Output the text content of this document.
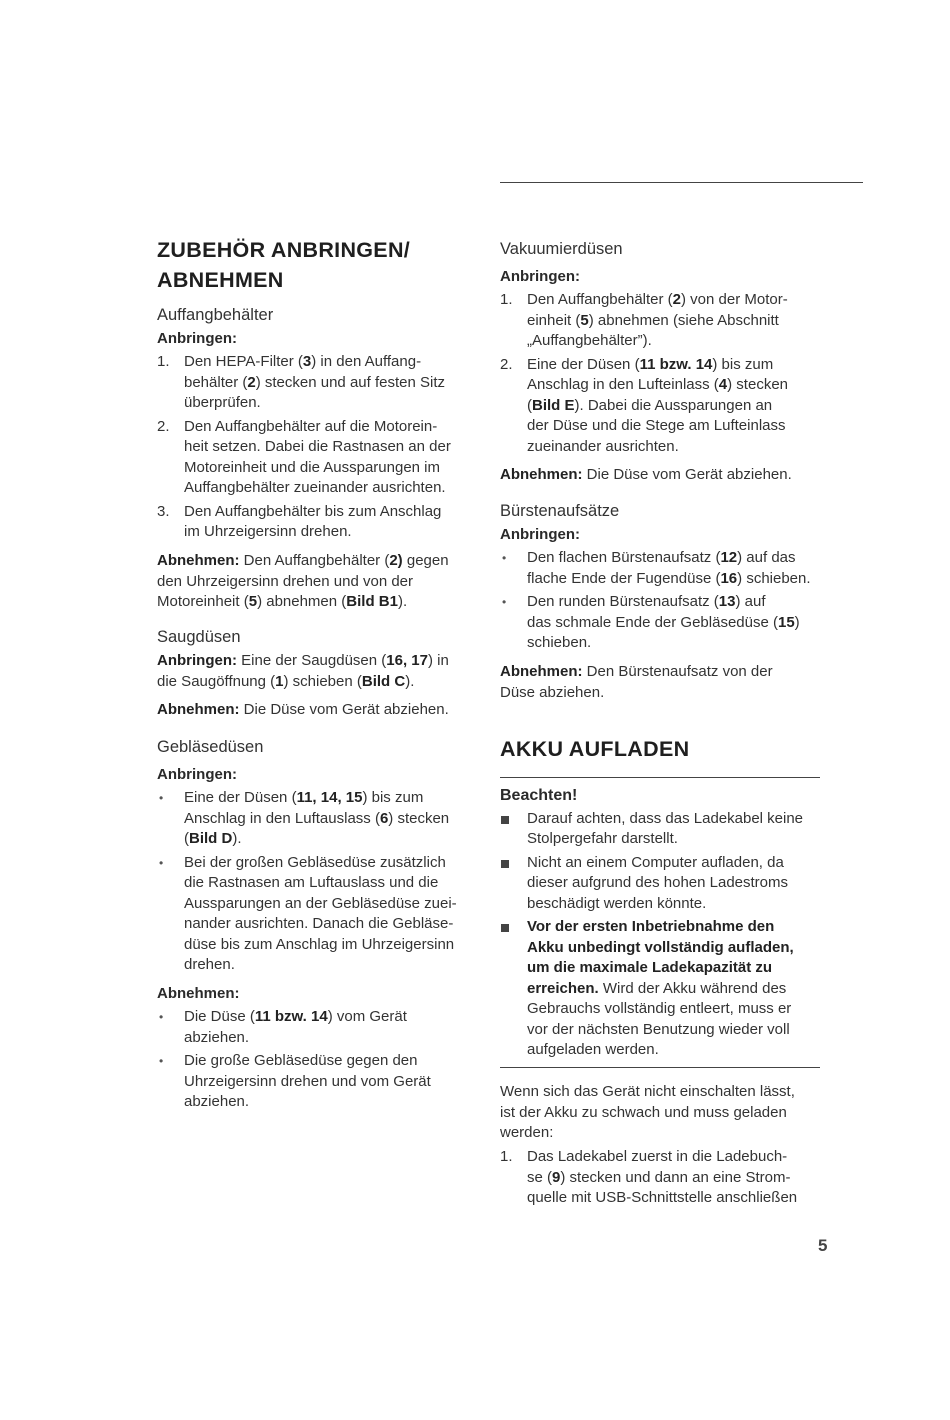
ZUBEHÖR ANBRINGEN/
ABNEHMEN
Auffangbehälter
Anbringen:
1. Den HEPA-Filter (3) in den Auffang-
behälter (2) stecken und auf festen Sitz
überprüfen.
2. Den Auffangbehälter auf die Motorein-
heit setzen. Dabei die Rastnasen an der
Motoreinheit und die Aussparungen im
Auffangbehälter zueinander ausrichten.
3. Den Auffangbehälter bis zum Anschlag
im Uhrzeigersinn drehen.
Abnehmen: Den Auffangbehälter (2) gegen
den Uhrzeigersinn drehen und von der
Motoreinheit (5) abnehmen (Bild B1).
Saugdüsen
Anbringen: Eine der Saugdüsen (16, 17) in
die Saugöffnung (1) schieben (Bild C).
Abnehmen: Die Düse vom Gerät abziehen.
Gebläsedüsen
Anbringen:
• Eine der Düsen (11, 14, 15) bis zum
Anschlag in den Luftauslass (6) stecken
(Bild D).
• Bei der großen Gebläsedüse zusätzlich
die Rastnasen am Luftauslass und die
Aussparungen an der Gebläsedüse zuei-
nander ausrichten. Danach die Gebläse-
düse bis zum Anschlag im Uhrzeigersinn
drehen.
Abnehmen:
• Die Düse (11 bzw. 14) vom Gerät
abziehen.
• Die große Gebläsedüse gegen den
Uhrzeigersinn drehen und vom Gerät
abziehen.
Vakuumierdüsen
Anbringen:
1. Den Auffangbehälter (2) von der Motor-
einheit (5) abnehmen (siehe Abschnitt
„Auffangbehälter”).
2. Eine der Düsen (11 bzw. 14) bis zum
Anschlag in den Lufteinlass (4) stecken
(Bild E). Dabei die Aussparungen an
der Düse und die Stege am Lufteinlass
zueinander ausrichten.
Abnehmen: Die Düse vom Gerät abziehen.
Bürstenaufsätze
Anbringen:
• Den flachen Bürstenaufsatz (12) auf das
flache Ende der Fugendüse (16) schieben.
• Den runden Bürstenaufsatz (13) auf
das schmale Ende der Gebläsedüse (15)
schieben.
Abnehmen: Den Bürstenaufsatz von der
Düse abziehen.
AKKU AUFLADEN
Beachten!
Darauf achten, dass das Ladekabel keine
Stolpergefahr darstellt.
Nicht an einem Computer aufladen, da
dieser aufgrund des hohen Ladestroms
beschädigt werden könnte.
Vor der ersten Inbetriebnahme den
Akku unbedingt vollständig aufladen,
um die maximale Ladekapazität zu
erreichen. Wird der Akku während des
Gebrauchs vollständig entleert, muss er
vor der nächsten Benutzung wieder voll
aufgeladen werden.
Wenn sich das Gerät nicht einschalten lässt,
ist der Akku zu schwach und muss geladen
werden:
1. Das Ladekabel zuerst in die Ladebuch-
se (9) stecken und dann an eine Strom-
quelle mit USB-Schnittstelle anschließen
5
